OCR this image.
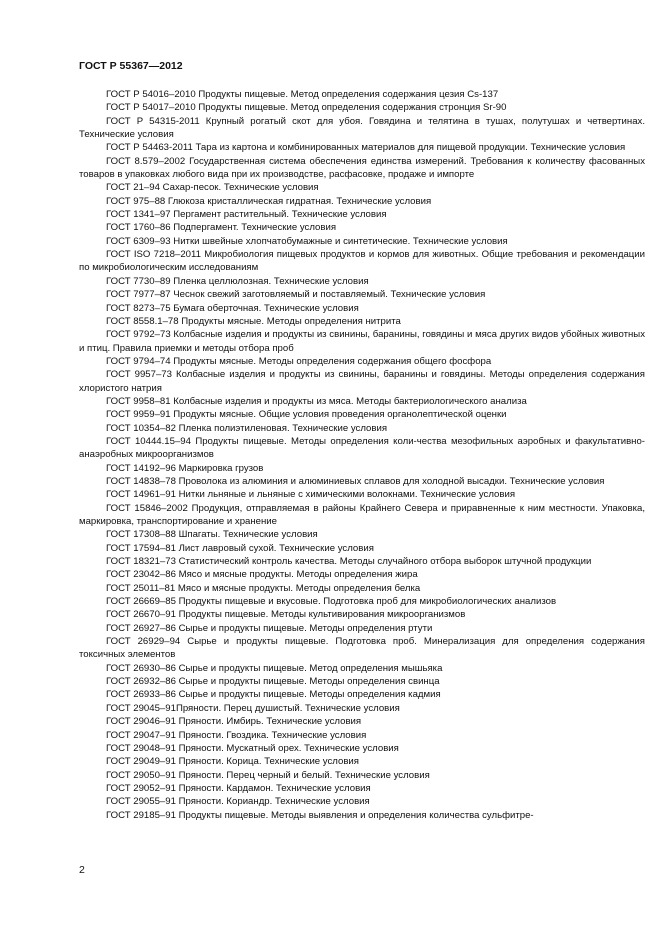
ГОСТ Р 55367—2012

ГОСТ Р 54016–2010 Продукты пищевые. Метод определения содержания цезия Cs-137

ГОСТ Р 54017–2010 Продукты пищевые. Метод определения содержания стронция Sr-90

ГОСТ Р 54315-2011 Крупный рогатый скот для убоя. Говядина и телятина в тушах, полутушах и четвертинах. Технические условия

ГОСТ Р 54463-2011 Тара из картона и комбинированных материалов для пищевой продукции. Технические условия

ГОСТ 8.579–2002 Государственная система обеспечения единства измерений. Требования к количеству фасованных товаров в упаковках любого вида при их производстве, расфасовке, продаже и импорте

ГОСТ 21–94 Сахар-песок. Технические условия

ГОСТ 975–88 Глюкоза кристаллическая гидратная. Технические условия

ГОСТ 1341–97 Пергамент растительный. Технические условия

ГОСТ 1760–86 Подпергамент. Технические условия

ГОСТ 6309–93 Нитки швейные хлопчатобумажные и синтетические. Технические условия

ГОСТ ISO 7218–2011 Микробиология пищевых продуктов и кормов для животных. Общие требования и рекомендации по микробиологическим исследованиям

ГОСТ 7730–89 Пленка целлюлозная. Технические условия

ГОСТ 7977–87 Чеснок свежий заготовляемый и поставляемый. Технические условия

ГОСТ 8273–75 Бумага оберточная. Технические условия

ГОСТ 8558.1–78 Продукты мясные. Методы определения нитрита

ГОСТ 9792–73 Колбасные изделия и продукты из свинины, баранины, говядины и мяса других видов убойных животных и птиц. Правила приемки и методы отбора проб

ГОСТ 9794–74 Продукты мясные. Методы определения содержания общего фосфора

ГОСТ 9957–73 Колбасные изделия и продукты из свинины, баранины и говядины. Методы определения содержания хлористого натрия

ГОСТ 9958–81 Колбасные изделия и продукты из мяса. Методы бактериологического анализа

ГОСТ 9959–91 Продукты мясные. Общие условия проведения органолептической оценки

ГОСТ 10354–82 Пленка полиэтиленовая. Технические условия

ГОСТ 10444.15–94 Продукты пищевые. Методы определения коли-чества мезофильных аэробных и факультативно-анаэробных микроорганизмов

ГОСТ 14192–96 Маркировка грузов

ГОСТ 14838–78 Проволока из алюминия и алюминиевых сплавов для холодной высадки. Технические условия

ГОСТ 14961–91 Нитки льняные и льняные с химическими волокнами. Технические условия

ГОСТ 15846–2002 Продукция, отправляемая в районы Крайнего Севера и приравненные к ним местности. Упаковка, маркировка, транспортирование и хранение

ГОСТ 17308–88 Шпагаты. Технические условия

ГОСТ 17594–81 Лист лавровый сухой. Технические условия

ГОСТ 18321–73 Статистический контроль качества. Методы случайного отбора выборок штучной продукции

ГОСТ 23042–86 Мясо и мясные продукты. Методы определения жира

ГОСТ 25011–81 Мясо и мясные продукты. Методы определения белка

ГОСТ 26669–85 Продукты пищевые и вкусовые. Подготовка проб для микробиологических анализов

ГОСТ 26670–91 Продукты пищевые. Методы культивирования микроорганизмов

ГОСТ 26927–86 Сырье и продукты пищевые. Методы определения ртути

ГОСТ 26929–94 Сырье и продукты пищевые. Подготовка проб. Минерализация для определения содержания токсичных элементов

ГОСТ 26930–86 Сырье и продукты пищевые. Метод определения мышьяка

ГОСТ 26932–86 Сырье и продукты пищевые. Методы определения свинца

ГОСТ 26933–86 Сырье и продукты пищевые. Методы определения кадмия

ГОСТ 29045–91Пряности. Перец душистый. Технические условия

ГОСТ 29046–91 Пряности. Имбирь. Технические условия

ГОСТ 29047–91 Пряности. Гвоздика. Технические условия

ГОСТ 29048–91 Пряности. Мускатный орех. Технические условия

ГОСТ 29049–91 Пряности. Корица. Технические условия

ГОСТ 29050–91 Пряности. Перец черный и белый. Технические условия

ГОСТ 29052–91 Пряности. Кардамон. Технические условия

ГОСТ 29055–91 Пряности. Кориандр. Технические условия

ГОСТ 29185–91 Продукты пищевые. Методы выявления и определения количества сульфитре-

2
